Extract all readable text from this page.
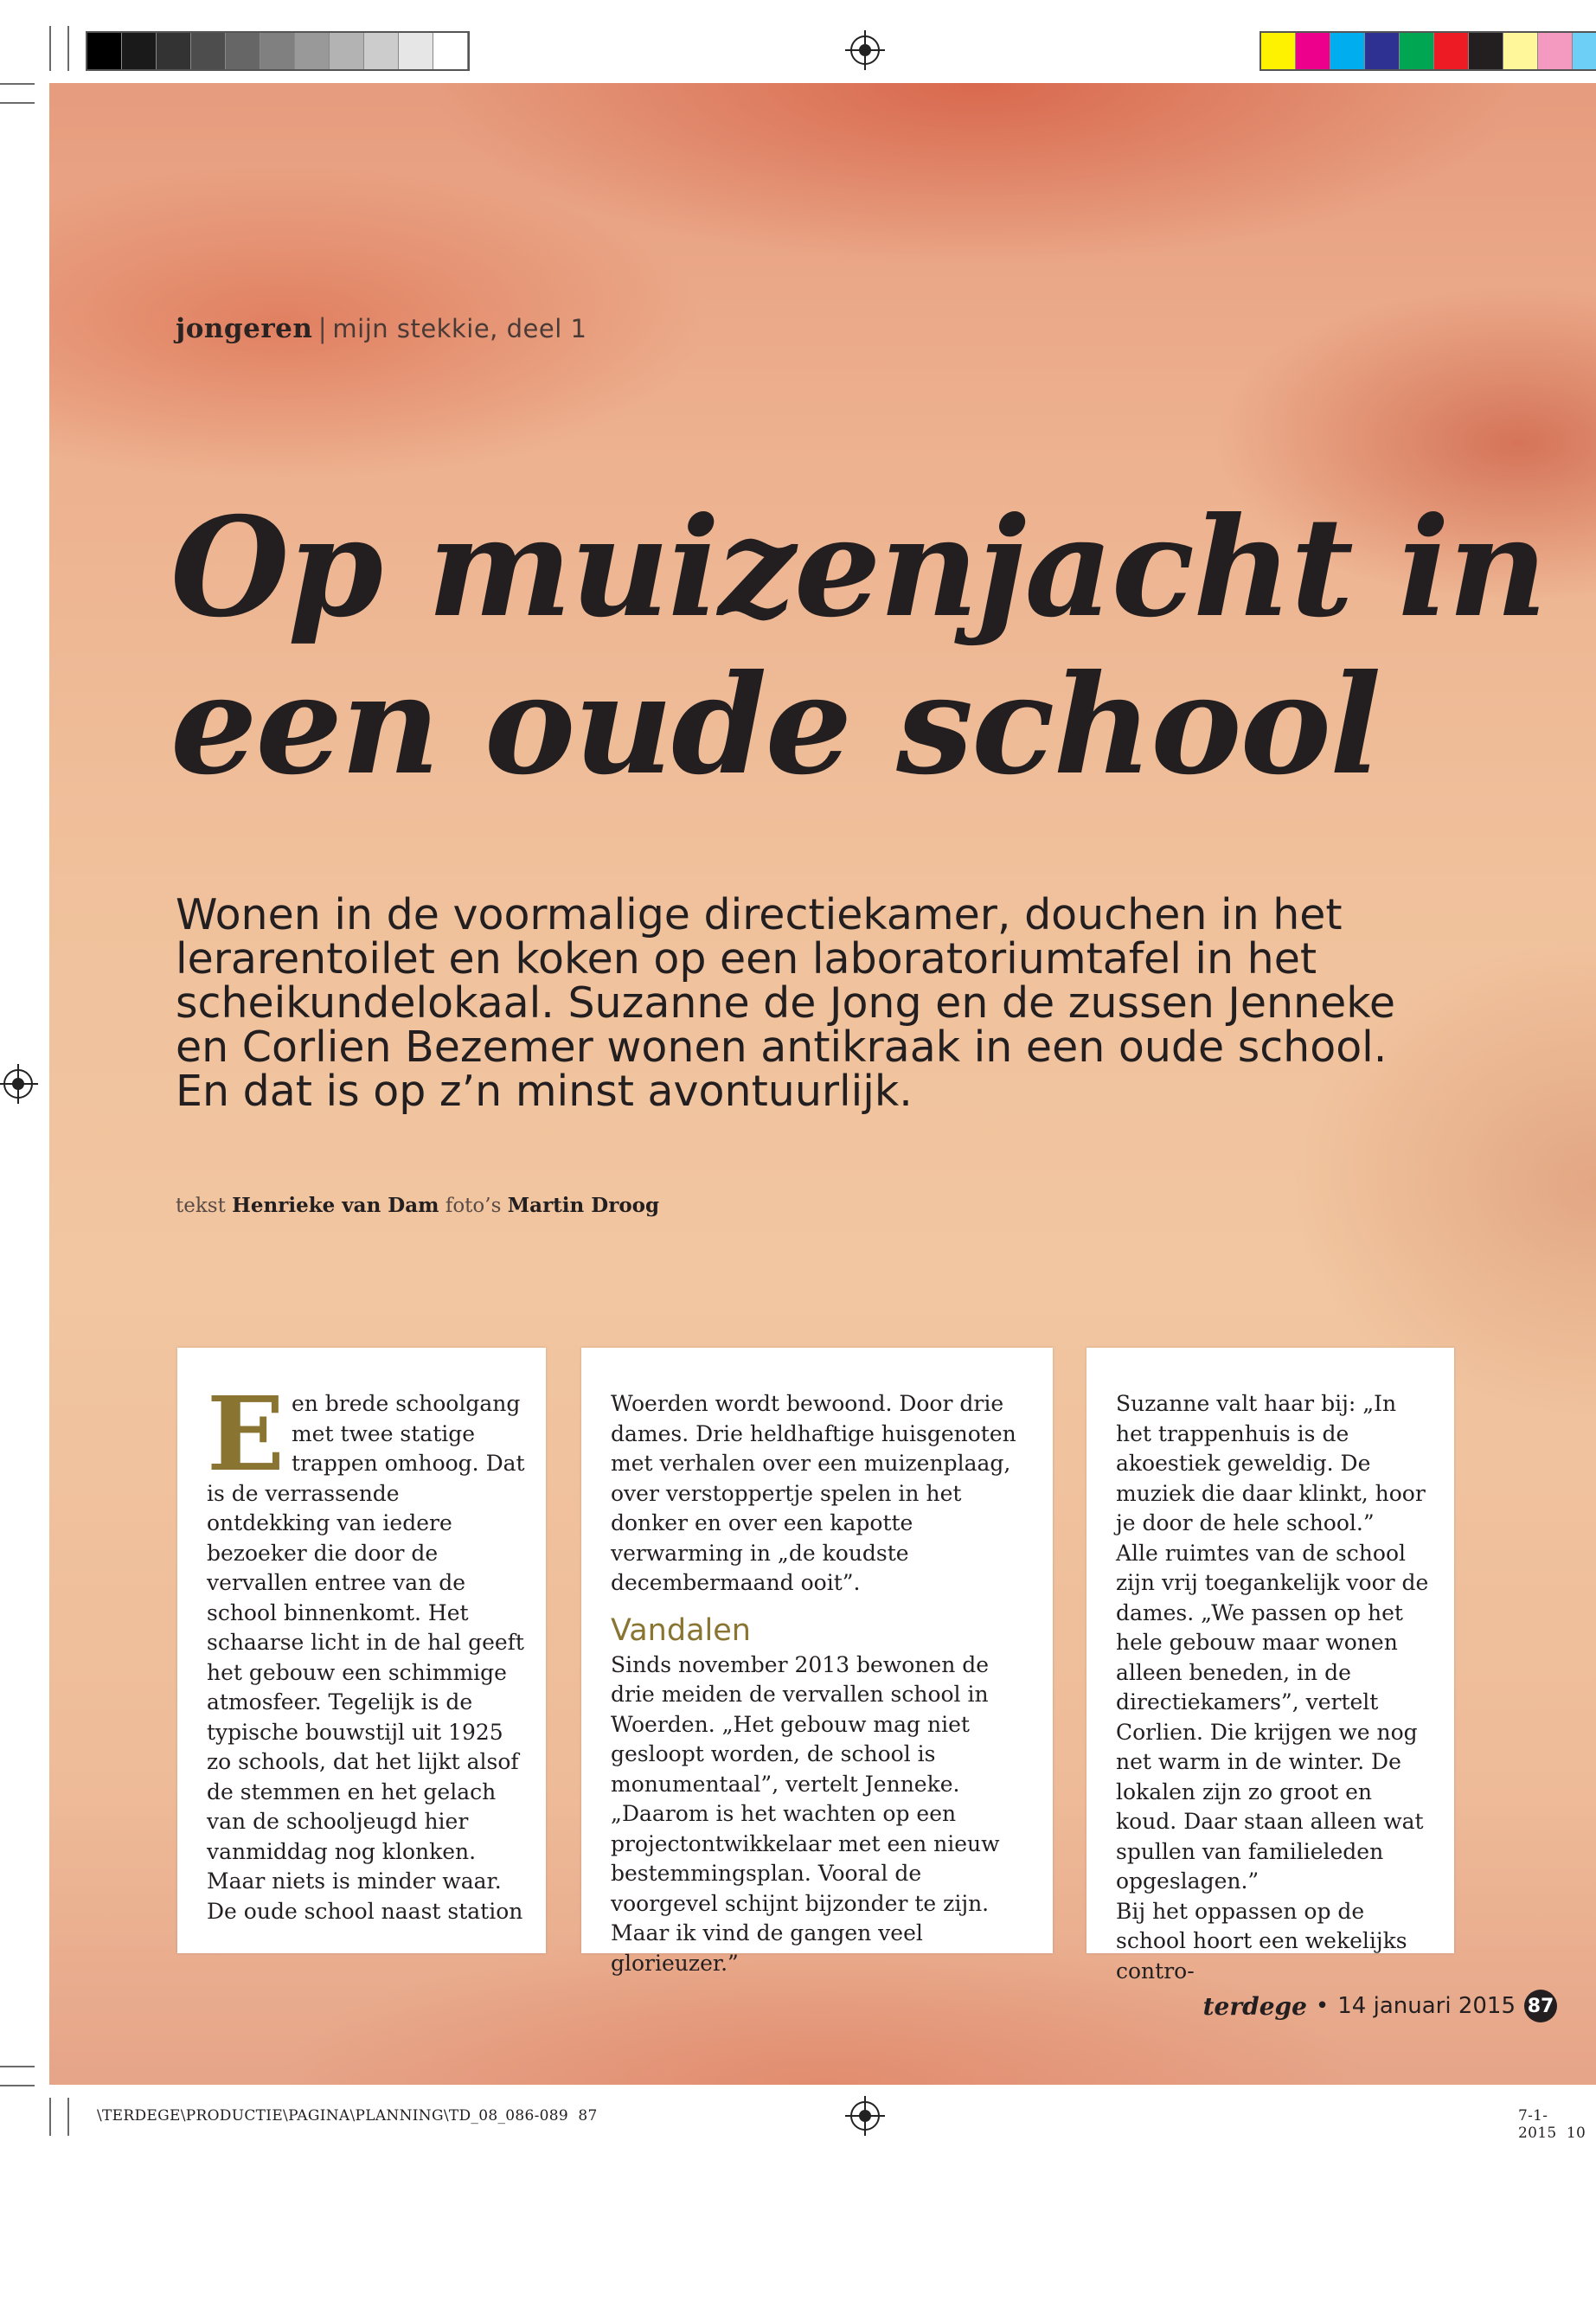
jongeren | mijn stekkie, deel 1
Op muizenjacht in
een oude school
Wonen in de voormalige directiekamer, douchen in het lerarentoilet en koken op een laboratoriumtafel in het scheikundelokaal. Suzanne de Jong en de zussen Jenneke en Corlien Bezemer wonen antikraak in een oude school. En dat is op z’n minst avontuurlijk.
tekst Henrieke van Dam foto’s Martin Droog

Een brede schoolgang met twee statige trappen omhoog. Dat is de verrassende ontdekking van iedere bezoeker die door de vervallen entree van de school binnenkomt. Het schaarse licht in de hal geeft het gebouw een schimmige atmosfeer. Tegelijk is de typische bouwstijl uit 1925 zo schools, dat het lijkt alsof de stemmen en het gelach van de schooljeugd hier vanmiddag nog klonken.

Maar niets is minder waar. De oude school naast station

Woerden wordt bewoond. Door drie dames. Drie heldhaftige huisgenoten met verhalen over een muizenplaag, over verstoppertje spelen in het donker en over een kapotte verwarming in „de koudste decembermaand ooit”.

Vandalen

Sinds november 2013 bewonen de drie meiden de vervallen school in Woerden. „Het gebouw mag niet gesloopt worden, de school is monumentaal”, vertelt Jenneke. „Daarom is het wachten op een projectontwikkelaar met een nieuw bestemmingsplan. Vooral de voorgevel schijnt bijzonder te zijn. Maar ik vind de gangen veel glorieuzer.”

Suzanne valt haar bij: „In het trappenhuis is de akoestiek geweldig. De muziek die daar klinkt, hoor je door de hele school.”

Alle ruimtes van de school zijn vrij toegankelijk voor de dames. „We passen op het hele gebouw maar wonen alleen beneden, in de directiekamers”, vertelt Corlien. Die krijgen we nog net warm in de winter. De lokalen zijn zo groot en koud. Daar staan alleen wat spullen van familieleden opgeslagen.”

Bij het oppassen op de school hoort een wekelijks contro-

terdege • 14 januari 2015 87
\TERDEGE\PRODUCTIE\PAGINA\PLANNING\TD_08_086-089 87	7-1-2015 10
